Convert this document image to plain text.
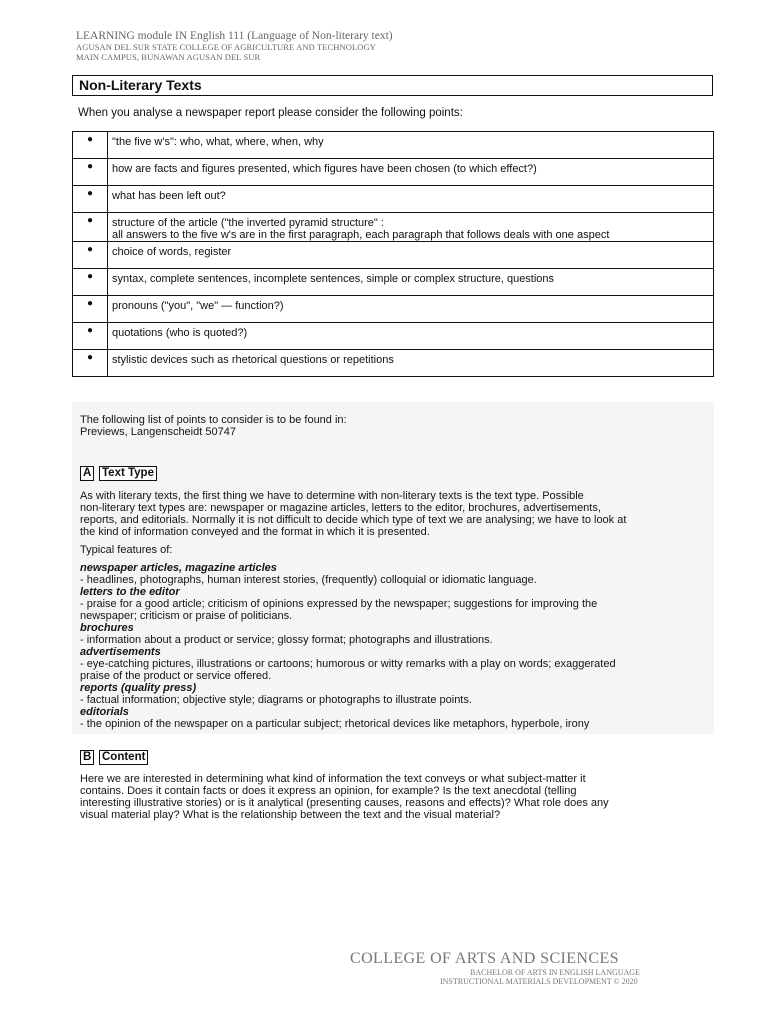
LEARNING module IN English 111 (Language of Non-literary text)
AGUSAN DEL SUR STATE COLLEGE OF AGRICULTURE AND TECHNOLOGY
MAIN CAMPUS, BUNAWAN AGUSAN DEL SUR
Non-Literary Texts
When you analyse a newspaper report please consider the following points:
●	"the five w's": who, what, where, when, why
●	how are facts and figures presented, which figures have been chosen (to which effect?)
●	what has been left out?
●	structure of the article ("the inverted pyramid structure" :
all answers to the five w's are in the first paragraph, each paragraph that follows deals with one aspect

●	choice of words, register
●	syntax, complete sentences, incomplete sentences, simple or complex structure, questions
●	pronouns ("you", "we" — function?)
●	quotations (who is quoted?)
●	stylistic devices such as rhetorical questions or repetitions
The following list of points to consider is to be found in:
Previews, Langenscheidt 50747
A Text Type
As with literary texts, the first thing we have to determine with non-literary texts is the text type. Possible
non-literary text types are: newspaper or magazine articles, letters to the editor, brochures, advertisements,
reports, and editorials. Normally it is not difficult to decide which type of text we are analysing; we have to look at
the kind of information conveyed and the format in which it is presented.
Typical features of:
newspaper articles, magazine articles
- headlines, photographs, human interest stories, (frequently) colloquial or idiomatic language.
letters to the editor
- praise for a good article; criticism of opinions expressed by the newspaper; suggestions for improving the
newspaper; criticism or praise of politicians.
brochures
- information about a product or service; glossy format; photographs and illustrations.
advertisements
- eye-catching pictures, illustrations or cartoons; humorous or witty remarks with a play on words; exaggerated
praise of the product or service offered.
reports (quality press)
- factual information; objective style; diagrams or photographs to illustrate points.
editorials
- the opinion of the newspaper on a particular subject; rhetorical devices like metaphors, hyperbole, irony
B Content
Here we are interested in determining what kind of information the text conveys or what subject-matter it
contains. Does it contain facts or does it express an opinion, for example? Is the text anecdotal (telling
interesting illustrative stories) or is it analytical (presenting causes, reasons and effects)? What role does any
visual material play? What is the relationship between the text and the visual material?
COLLEGE OF ARTS AND SCIENCES
BACHELOR OF ARTS IN ENGLISH LANGUAGE
INSTRUCTIONAL MATERIALS DEVELOPMENT © 2020
